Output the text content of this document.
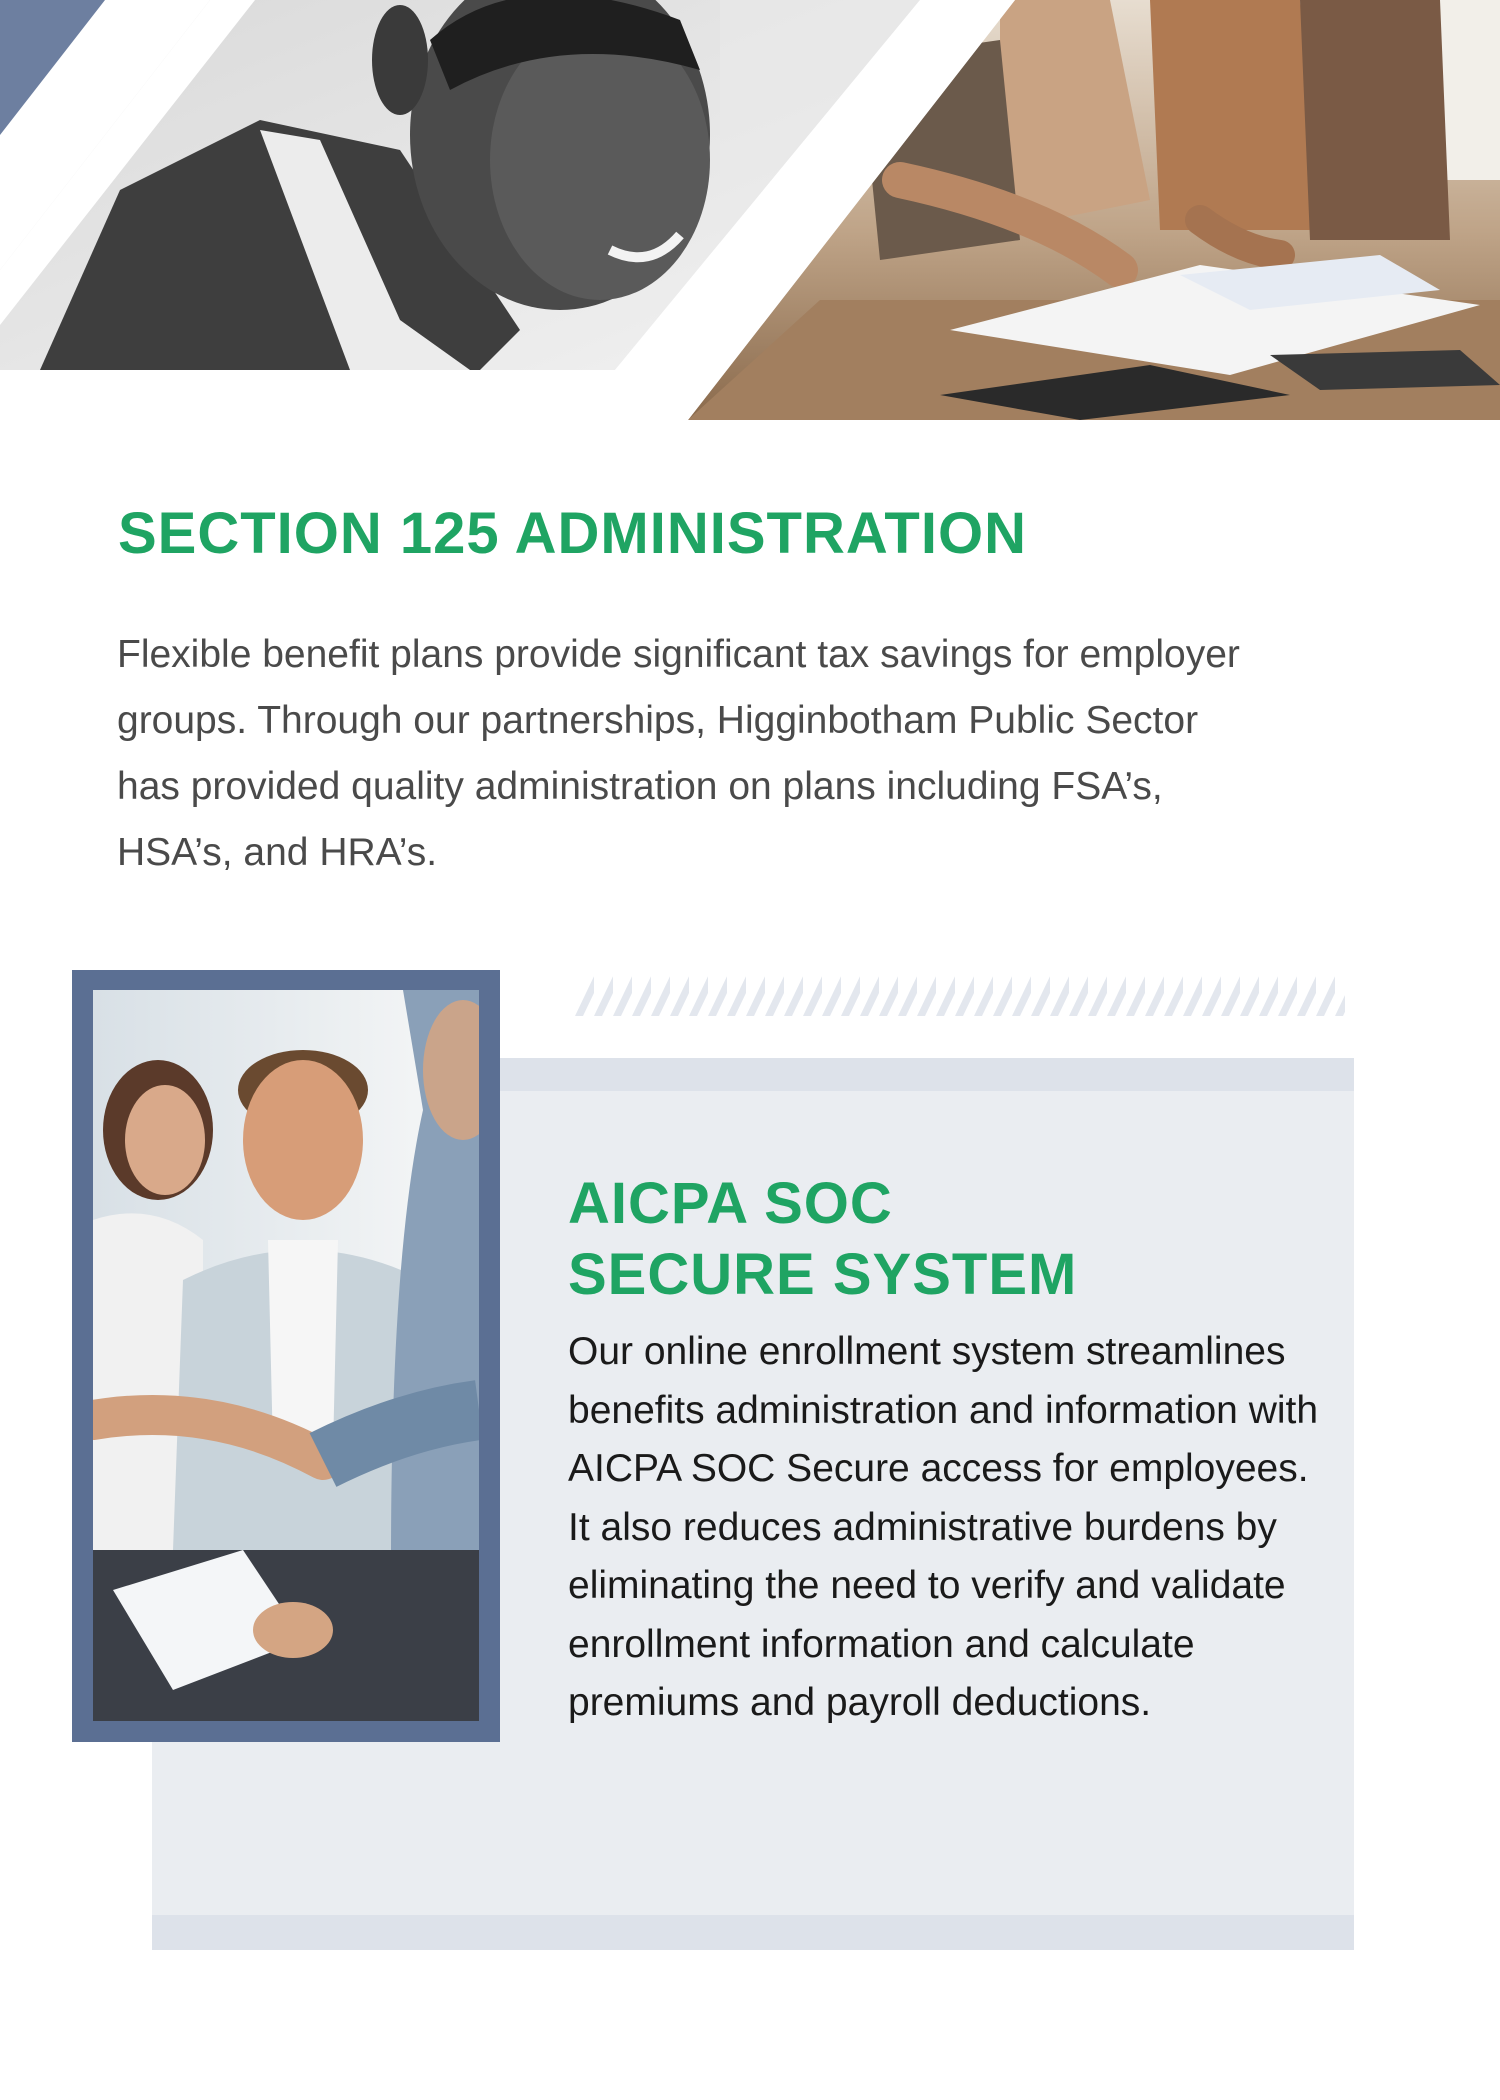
SECTION 125 ADMINISTRATION

Flexible benefit plans provide significant tax savings for employer groups. Through our partnerships, Higginbotham Public Sector has provided quality administration on plans including FSA’s, HSA’s, and HRA’s.

AICPA SOC
SECURE SYSTEM

Our online enrollment system streamlines benefits administration and information with AICPA SOC Secure access for employees. It also reduces administrative burdens by eliminating the need to verify and validate enrollment information and calculate premiums and payroll deductions.
